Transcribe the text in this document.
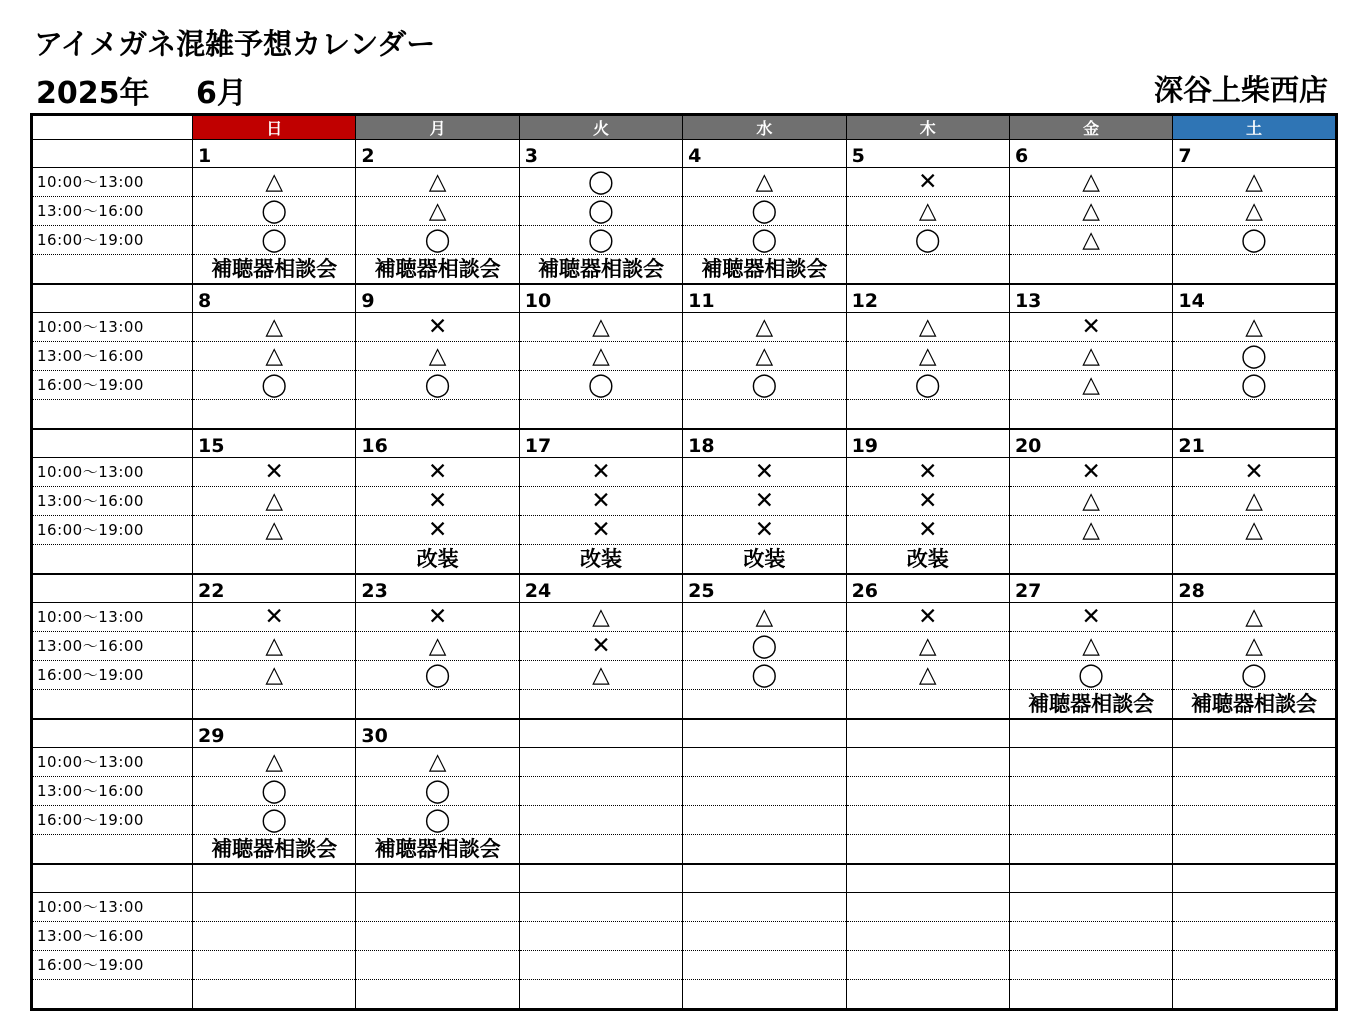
アイメガネ混雑予想カレンダー
2025年 6月	深谷上柴西店
	日	月	火	水	木	金	土
	1	2	3	4	5	6	7
10:00～13:00	△	△	◯	△	✕	△	△
13:00～16:00	◯	△	◯	◯	△	△	△
16:00～19:00	◯	◯	◯	◯	◯	△	◯
	補聴器相談会	補聴器相談会	補聴器相談会	補聴器相談会			
	8	9	10	11	12	13	14
10:00～13:00	△	✕	△	△	△	✕	△
13:00～16:00	△	△	△	△	△	△	◯
16:00～19:00	◯	◯	◯	◯	◯	△	◯

	15	16	17	18	19	20	21
10:00～13:00	✕	✕	✕	✕	✕	✕	✕
13:00～16:00	△	✕	✕	✕	✕	△	△
16:00～19:00	△	✕	✕	✕	✕	△	△
		改装	改装	改装	改装		
	22	23	24	25	26	27	28
10:00～13:00	✕	✕	△	△	✕	✕	△
13:00～16:00	△	△	✕	◯	△	△	△
16:00～19:00	△	◯	△	◯	△	◯	◯
						補聴器相談会	補聴器相談会
	29	30					
10:00～13:00	△	△					
13:00～16:00	◯	◯					
16:00～19:00	◯	◯					
	補聴器相談会	補聴器相談会					

10:00～13:00							
13:00～16:00							
16:00～19:00							
